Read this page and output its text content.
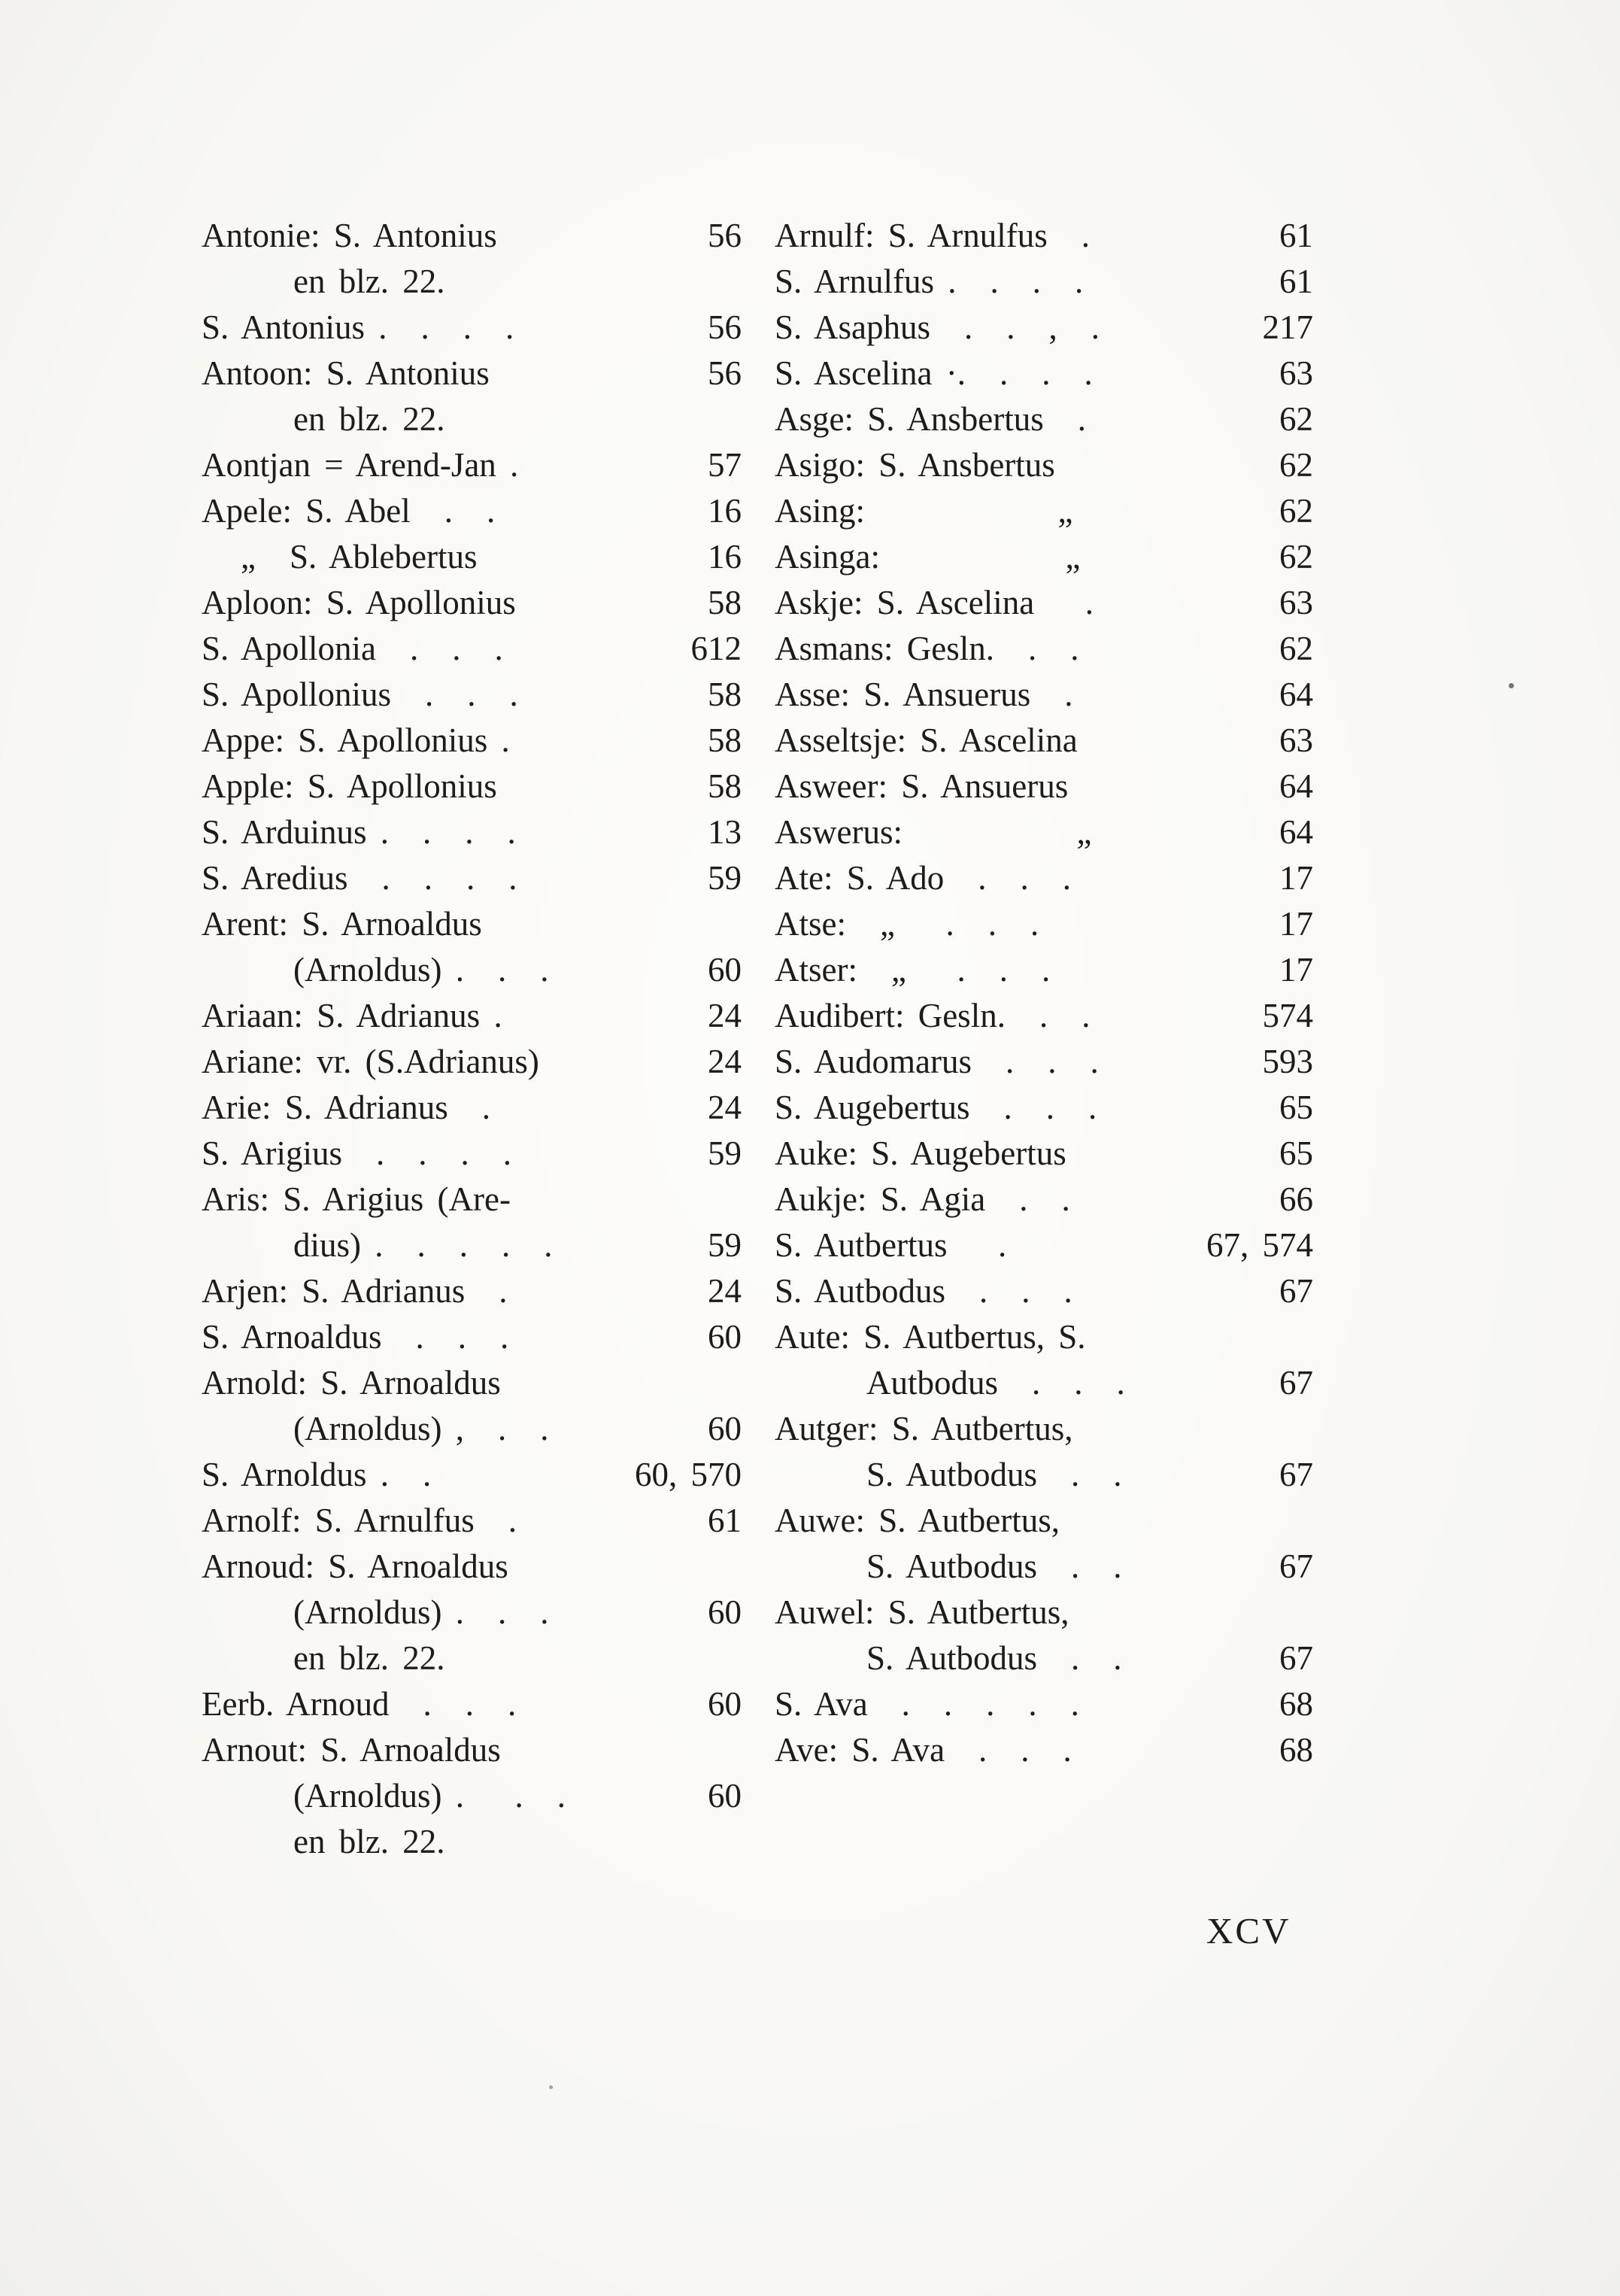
Antonie: S. Antonius	56
en blz. 22.
S. Antonius .  .  .  .	56
Antoon: S. Antonius	56
en blz. 22.
Aontjan = Arend-Jan .	57
Apele: S. Abel .  .	16
„ S. Ablebertus	16
Aploon: S. Apollonius	58
S. Apollonia .  .  .	612
S. Apollonius .  .  .	58
Appe: S. Apollonius .	58
Apple: S. Apollonius	58
S. Arduinus .  .  .  .	13
S. Aredius .  .  .  .	59
Arent: S. Arnoaldus
(Arnoldus) .  .  .	60
Ariaan: S. Adrianus .	24
Ariane: vr. (S.Adrianus)	24
Arie: S. Adrianus .	24
S. Arigius .  .  .  .	59
Aris: S. Arigius (Are-
dius) .  .  .  .  .	59
Arjen: S. Adrianus .	24
S. Arnoaldus .  .  .	60
Arnold: S. Arnoaldus
(Arnoldus) ,  .  .	60
S. Arnoldus .  .	60, 570
Arnolf: S. Arnulfus .	61
Arnoud: S. Arnoaldus
(Arnoldus) .  .  .	60
en blz. 22.
Eerb. Arnoud .  .  .	60
Arnout: S. Arnoaldus
(Arnoldus) .  .  .	60
en blz. 22.
Arnulf: S. Arnulfus .	61
S. Arnulfus .  .  .  .	61
S. Asaphus .  .  ,  .	217
S. Ascelina ·.  .  .  .	63
Asge: S. Ansbertus .	62
Asigo: S. Ansbertus	62
Asing:	„	62
Asinga:	„	62
Askje: S. Ascelina  .	63
Asmans: Gesln. .  .	62
Asse: S. Ansuerus .	64
Asseltsje: S. Ascelina	63
Asweer: S. Ansuerus	64
Aswerus:	„	64
Ate: S. Ado .  .  .	17
Atse: „  .  .  .	17
Atser: „  .  .  .	17
Audibert: Gesln.  .  .	574
S. Audomarus  .  .  .	593
S. Augebertus  .  .  .	65
Auke: S. Augebertus	65
Aukje: S. Agia .  .	66
S. Autbertus  .	67, 574
S. Autbodus .  .  .	67
Aute: S. Autbertus, S.
Autbodus .  .  .	67
Autger: S. Autbertus,
S. Autbodus  .  .	67
Auwe: S. Autbertus,
S. Autbodus  .  .	67
Auwel: S. Autbertus,
S. Autbodus  .  .	67
S. Ava .  .  .  .  .	68
Ave: S. Ava .  .  .	68
XCV
